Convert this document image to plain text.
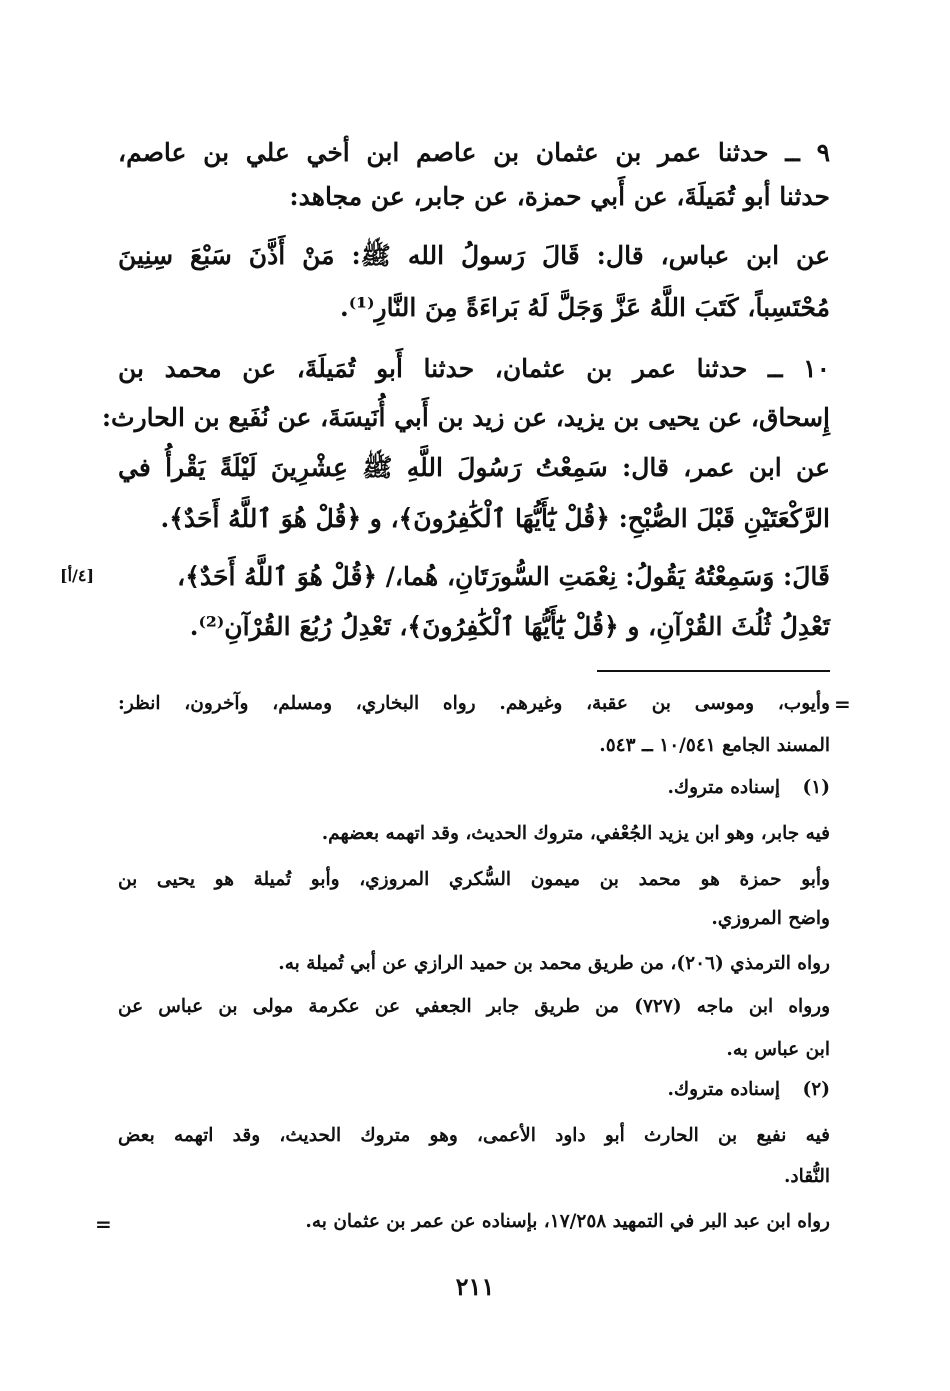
٩ ــ حدثنا عمر بن عثمان بن عاصم ابن أخي علي بن عاصم،

حدثنا أبو تُمَيلَةَ، عن أَبي حمزة، عن جابر، عن مجاهد:

عن ابن عباس، قال: قَالَ رَسولُ الله ﷺ: مَنْ أَذَّنَ سَبْعَ سِنِينَ

مُحْتَسِباً، كَتَبَ اللَّهُ عَزَّ وَجَلَّ لَهُ بَراءَةً مِنَ النَّارِ⁽¹⁾.

١٠ ــ حدثنا عمر بن عثمان، حدثنا أَبو تُمَيلَةَ، عن محمد بن

إِسحاق، عن يحيى بن يزيد، عن زيد بن أَبي أُنَيسَةَ، عن نُفَيع بن الحارث:

عن ابن عمر، قال: سَمِعْتُ رَسُولَ اللَّهِ ﷺ عِشْرِينَ لَيْلَةً يَقْرأُ في

الرَّكْعَتَيْنِ قَبْلَ الصُّبْحِ: ﴿قُلْ يَٰٓأَيُّهَا ٱلْكَٰفِرُونَ﴾، و ﴿قُلْ هُوَ ٱللَّهُ أَحَدٌ﴾.

قَالَ: وَسَمِعْتُهُ يَقُولُ: نِعْمَتِ السُّورَتَانِ، هُما،/ ﴿قُلْ هُوَ ٱللَّهُ أَحَدٌ﴾،

تَعْدِلُ ثُلُثَ القُرْآنِ، و ﴿قُلْ يَٰٓأَيُّهَا ٱلْكَٰفِرُونَ﴾، تَعْدِلُ رُبُعَ القُرْآنِ⁽²⁾.

[٤/أ]
=

وأيوب، وموسى بن عقبة، وغيرهم. رواه البخاري، ومسلم، وآخرون، انظر:

المسند الجامع ١٠/٥٤١ ــ ٥٤٣.

(١)

إسناده متروك.

فيه جابر، وهو ابن يزيد الجُعْفي، متروك الحديث، وقد اتهمه بعضهم.

وأبو حمزة هو محمد بن ميمون السُّكري المروزي، وأبو تُميلة هو يحيى بن

واضح المروزي.

رواه الترمذي (٢٠٦)، من طريق محمد بن حميد الرازي عن أبي تُميلة به.

ورواه ابن ماجه (٧٢٧) من طريق جابر الجعفي عن عكرمة مولى بن عباس عن

ابن عباس به.

(٢)

إسناده متروك.

فيه نفيع بن الحارث أبو داود الأعمى، وهو متروك الحديث، وقد اتهمه بعض

النُّقاد.

رواه ابن عبد البر في التمهيد ١٧/٢٥٨، بإسناده عن عمر بن عثمان به.

=
٢١١
